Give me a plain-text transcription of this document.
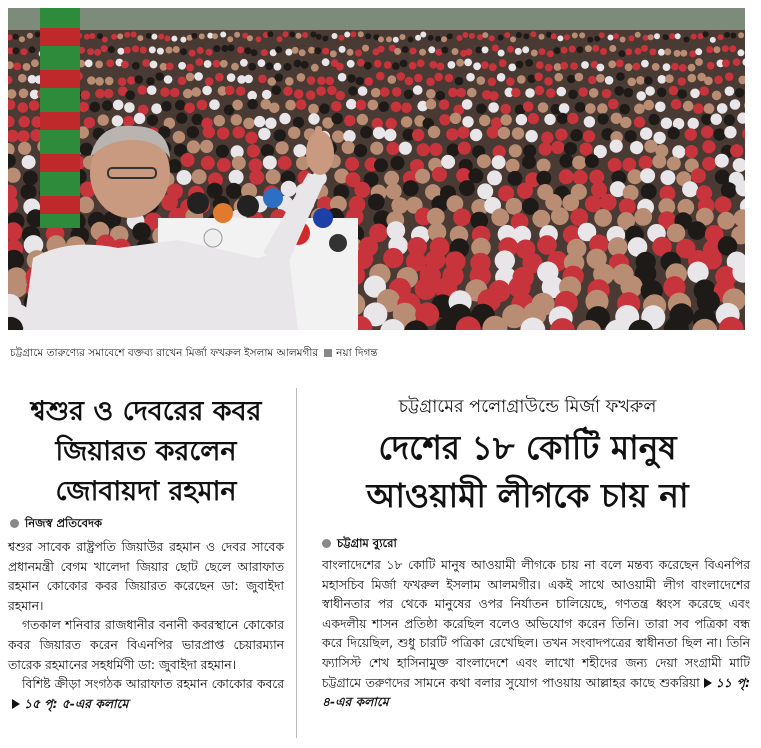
চট্টগ্রামে তারুণ্যের সমাবেশে বক্তব্য রাখেন মির্জা ফখরুল ইসলাম আলমগীর নয়া দিগন্ত
শ্বশুর ও দেবরের কবর
জিয়ারত করলেন
জোবায়দা রহমান
নিজস্ব প্রতিবেদক

শ্বশুর সাবেক রাষ্ট্রপতি জিয়াউর রহমান ও দেবর সাবেক প্রধানমন্ত্রী বেগম খালেদা জিয়ার ছোট ছেলে আরাফাত রহমান কোকোর কবর জিয়ারত করেছেন ডা: জুবাইদা রহমান।

গতকাল শনিবার রাজধানীর বনানী কবরস্থানে কোকোর কবর জিয়ারত করেন বিএনপির ভারপ্রাপ্ত চেয়ারম্যান তারেক রহমানের সহধর্মিণী ডা: জুবাইদা রহমান।

বিশিষ্ট ক্রীড়া সংগঠক আরাফাত রহমান কোকোর কবরে১৫ পৃ: ৫-এর কলামে

চট্টগ্রামের পলোগ্রাউন্ডে মির্জা ফখরুল
দেশের ১৮ কোটি মানুষ
আওয়ামী লীগকে চায় না
চট্টগ্রাম ব্যুরো

বাংলাদেশের ১৮ কোটি মানুষ আওয়ামী লীগকে চায় না বলে মন্তব্য করেছেন বিএনপির মহাসচিব মির্জা ফখরুল ইসলাম আলমগীর। একই সাথে আওয়ামী লীগ বাংলাদেশের স্বাধীনতার পর থেকে মানুষের ওপর নির্যাতন চালিয়েছে, গণতন্ত্র ধ্বংস করেছে এবং একদলীয় শাসন প্রতিষ্ঠা করেছিল বলেও অভিযোগ করেন তিনি। তারা সব পত্রিকা বন্ধ করে দিয়েছিল, শুধু চারটি পত্রিকা রেখেছিল। তখন সংবাদপত্রের স্বাধীনতা ছিল না। তিনি ফ্যাসিস্ট শেখ হাসিনামুক্ত বাংলাদেশে এবং লাখো শহীদের জন্য দেয়া সংগ্রামী মাটি চট্টগ্রামে তরুণদের সামনে কথা বলার সুযোগ পাওয়ায় আল্লাহর কাছে শুকরিয়া ১১ পৃ: ৪-এর কলামে
